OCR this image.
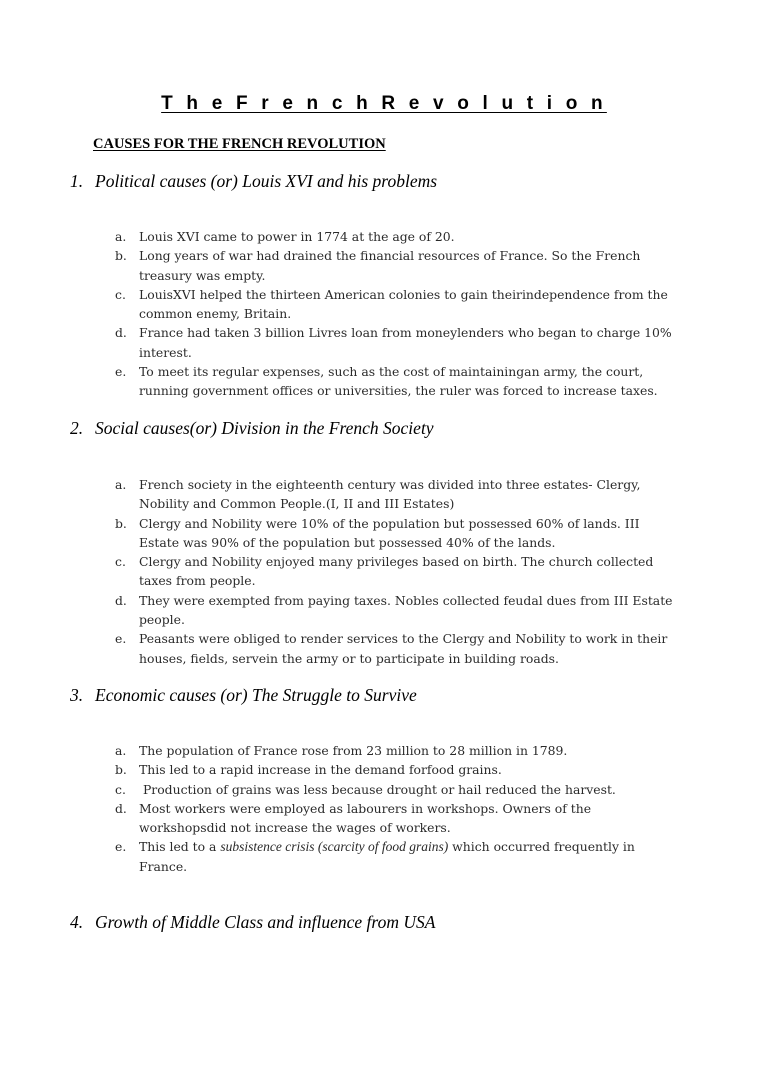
T h e F r e n c h R e v o l u t i o n
CAUSES FOR THE FRENCH REVOLUTION
1. Political causes (or) Louis XVI and his problems
a. Louis XVI came to power in 1774 at the age of 20.
b. Long years of war had drained the financial resources of France. So the French treasury was empty.
c. LouisXVI helped the thirteen American colonies to gain theirindependence from the common enemy, Britain.
d. France had taken 3 billion Livres loan from moneylenders who began to charge 10% interest.
e. To meet its regular expenses, such as the cost of maintainingan army, the court, running government offices or universities, the ruler was forced to increase taxes.
2. Social causes(or) Division in the French Society
a. French society in the eighteenth century was divided into three estates- Clergy, Nobility and Common People.(I, II and III Estates)
b. Clergy and Nobility were 10% of the population but possessed 60% of lands. III Estate was 90% of the population but possessed 40% of the lands.
c. Clergy and Nobility enjoyed many privileges based on birth. The church collected taxes from people.
d. They were exempted from paying taxes. Nobles collected feudal dues from III Estate people.
e. Peasants were obliged to render services to the Clergy and Nobility to work in their houses, fields, servein the army or to participate in building roads.
3. Economic causes (or) The Struggle to Survive
a. The population of France rose from 23 million to 28 million in 1789.
b. This led to a rapid increase in the demand forfood grains.
c. Production of grains was less because drought or hail reduced the harvest.
d. Most workers were employed as labourers in workshops. Owners of the workshopsdid not increase the wages of workers.
e. This led to a subsistence crisis (scarcity of food grains) which occurred frequently in France.
4. Growth of Middle Class and influence from USA
